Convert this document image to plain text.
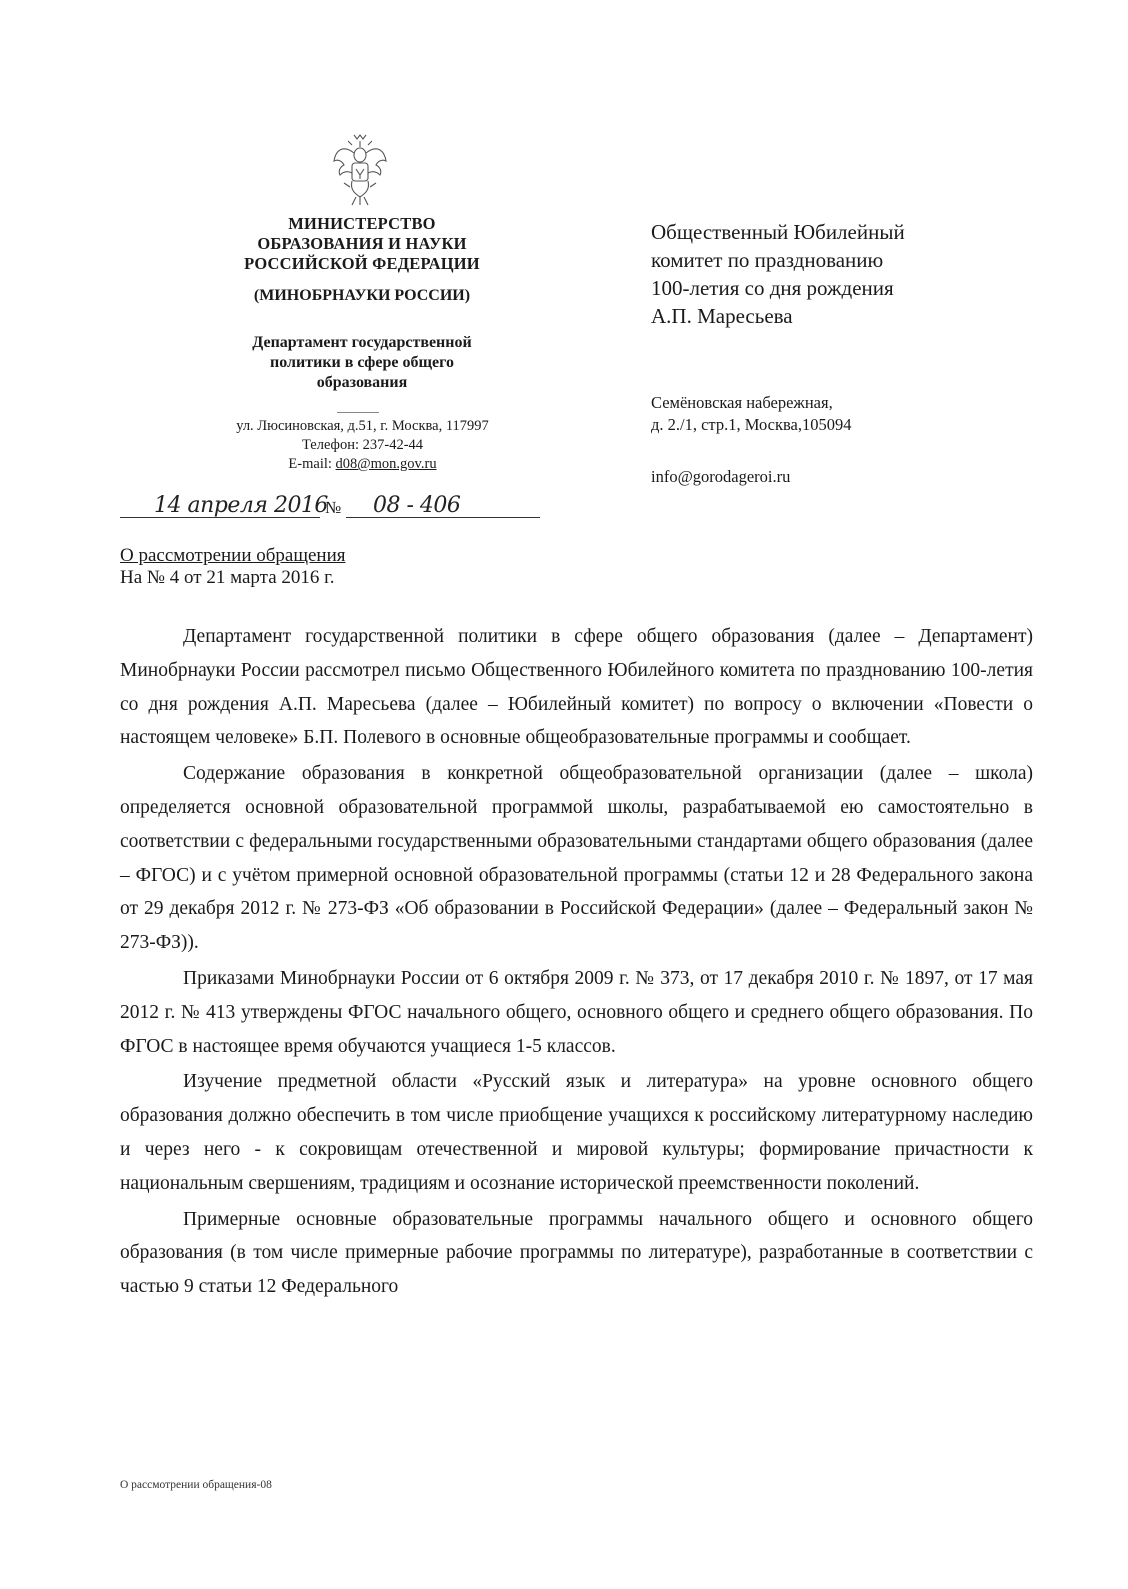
МИНИСТЕРСТВО
ОБРАЗОВАНИЯ И НАУКИ
РОССИЙСКОЙ ФЕДЕРАЦИИ
(МИНОБРНАУКИ РОССИИ)
Департамент государственной
политики в сфере общего
образования
ул. Люсиновская, д.51, г. Москва, 117997
Телефон: 237-42-44
E-mail: d08@mon.gov.ru
14 апреля 2016
№ 08 - 406
Общественный Юбилейный
комитет по празднованию
100-летия со дня рождения
А.П. Маресьева
Семёновская набережная,
д. 2./1, стр.1, Москва,105094
info@gorodageroi.ru
О рассмотрении обращения
На № 4 от 21 марта 2016 г.

Департамент государственной политики в сфере общего образования (далее – Департамент) Минобрнауки России рассмотрел письмо Общественного Юбилейного комитета по празднованию 100-летия со дня рождения А.П. Маресьева (далее – Юбилейный комитет) по вопросу о включении «Повести о настоящем человеке» Б.П. Полевого в основные общеобразовательные программы и сообщает.

Содержание образования в конкретной общеобразовательной организации (далее – школа) определяется основной образовательной программой школы, разрабатываемой ею самостоятельно в соответствии с федеральными государственными образовательными стандартами общего образования (далее – ФГОС) и с учётом примерной основной образовательной программы (статьи 12 и 28 Федерального закона от 29 декабря 2012 г. № 273-ФЗ «Об образовании в Российской Федерации» (далее – Федеральный закон № 273-ФЗ)).

Приказами Минобрнауки России от 6 октября 2009 г. № 373, от 17 декабря 2010 г. № 1897, от 17 мая 2012 г. № 413 утверждены ФГОС начального общего, основного общего и среднего общего образования. По ФГОС в настоящее время обучаются учащиеся 1-5 классов.

Изучение предметной области «Русский язык и литература» на уровне основного общего образования должно обеспечить в том числе приобщение учащихся к российскому литературному наследию и через него - к сокровищам отечественной и мировой культуры; формирование причастности к национальным свершениям, традициям и осознание исторической преемственности поколений.

Примерные основные образовательные программы начального общего и основного общего образования (в том числе примерные рабочие программы по литературе), разработанные в соответствии с частью 9 статьи 12 Федерального

О рассмотрении обращения-08
